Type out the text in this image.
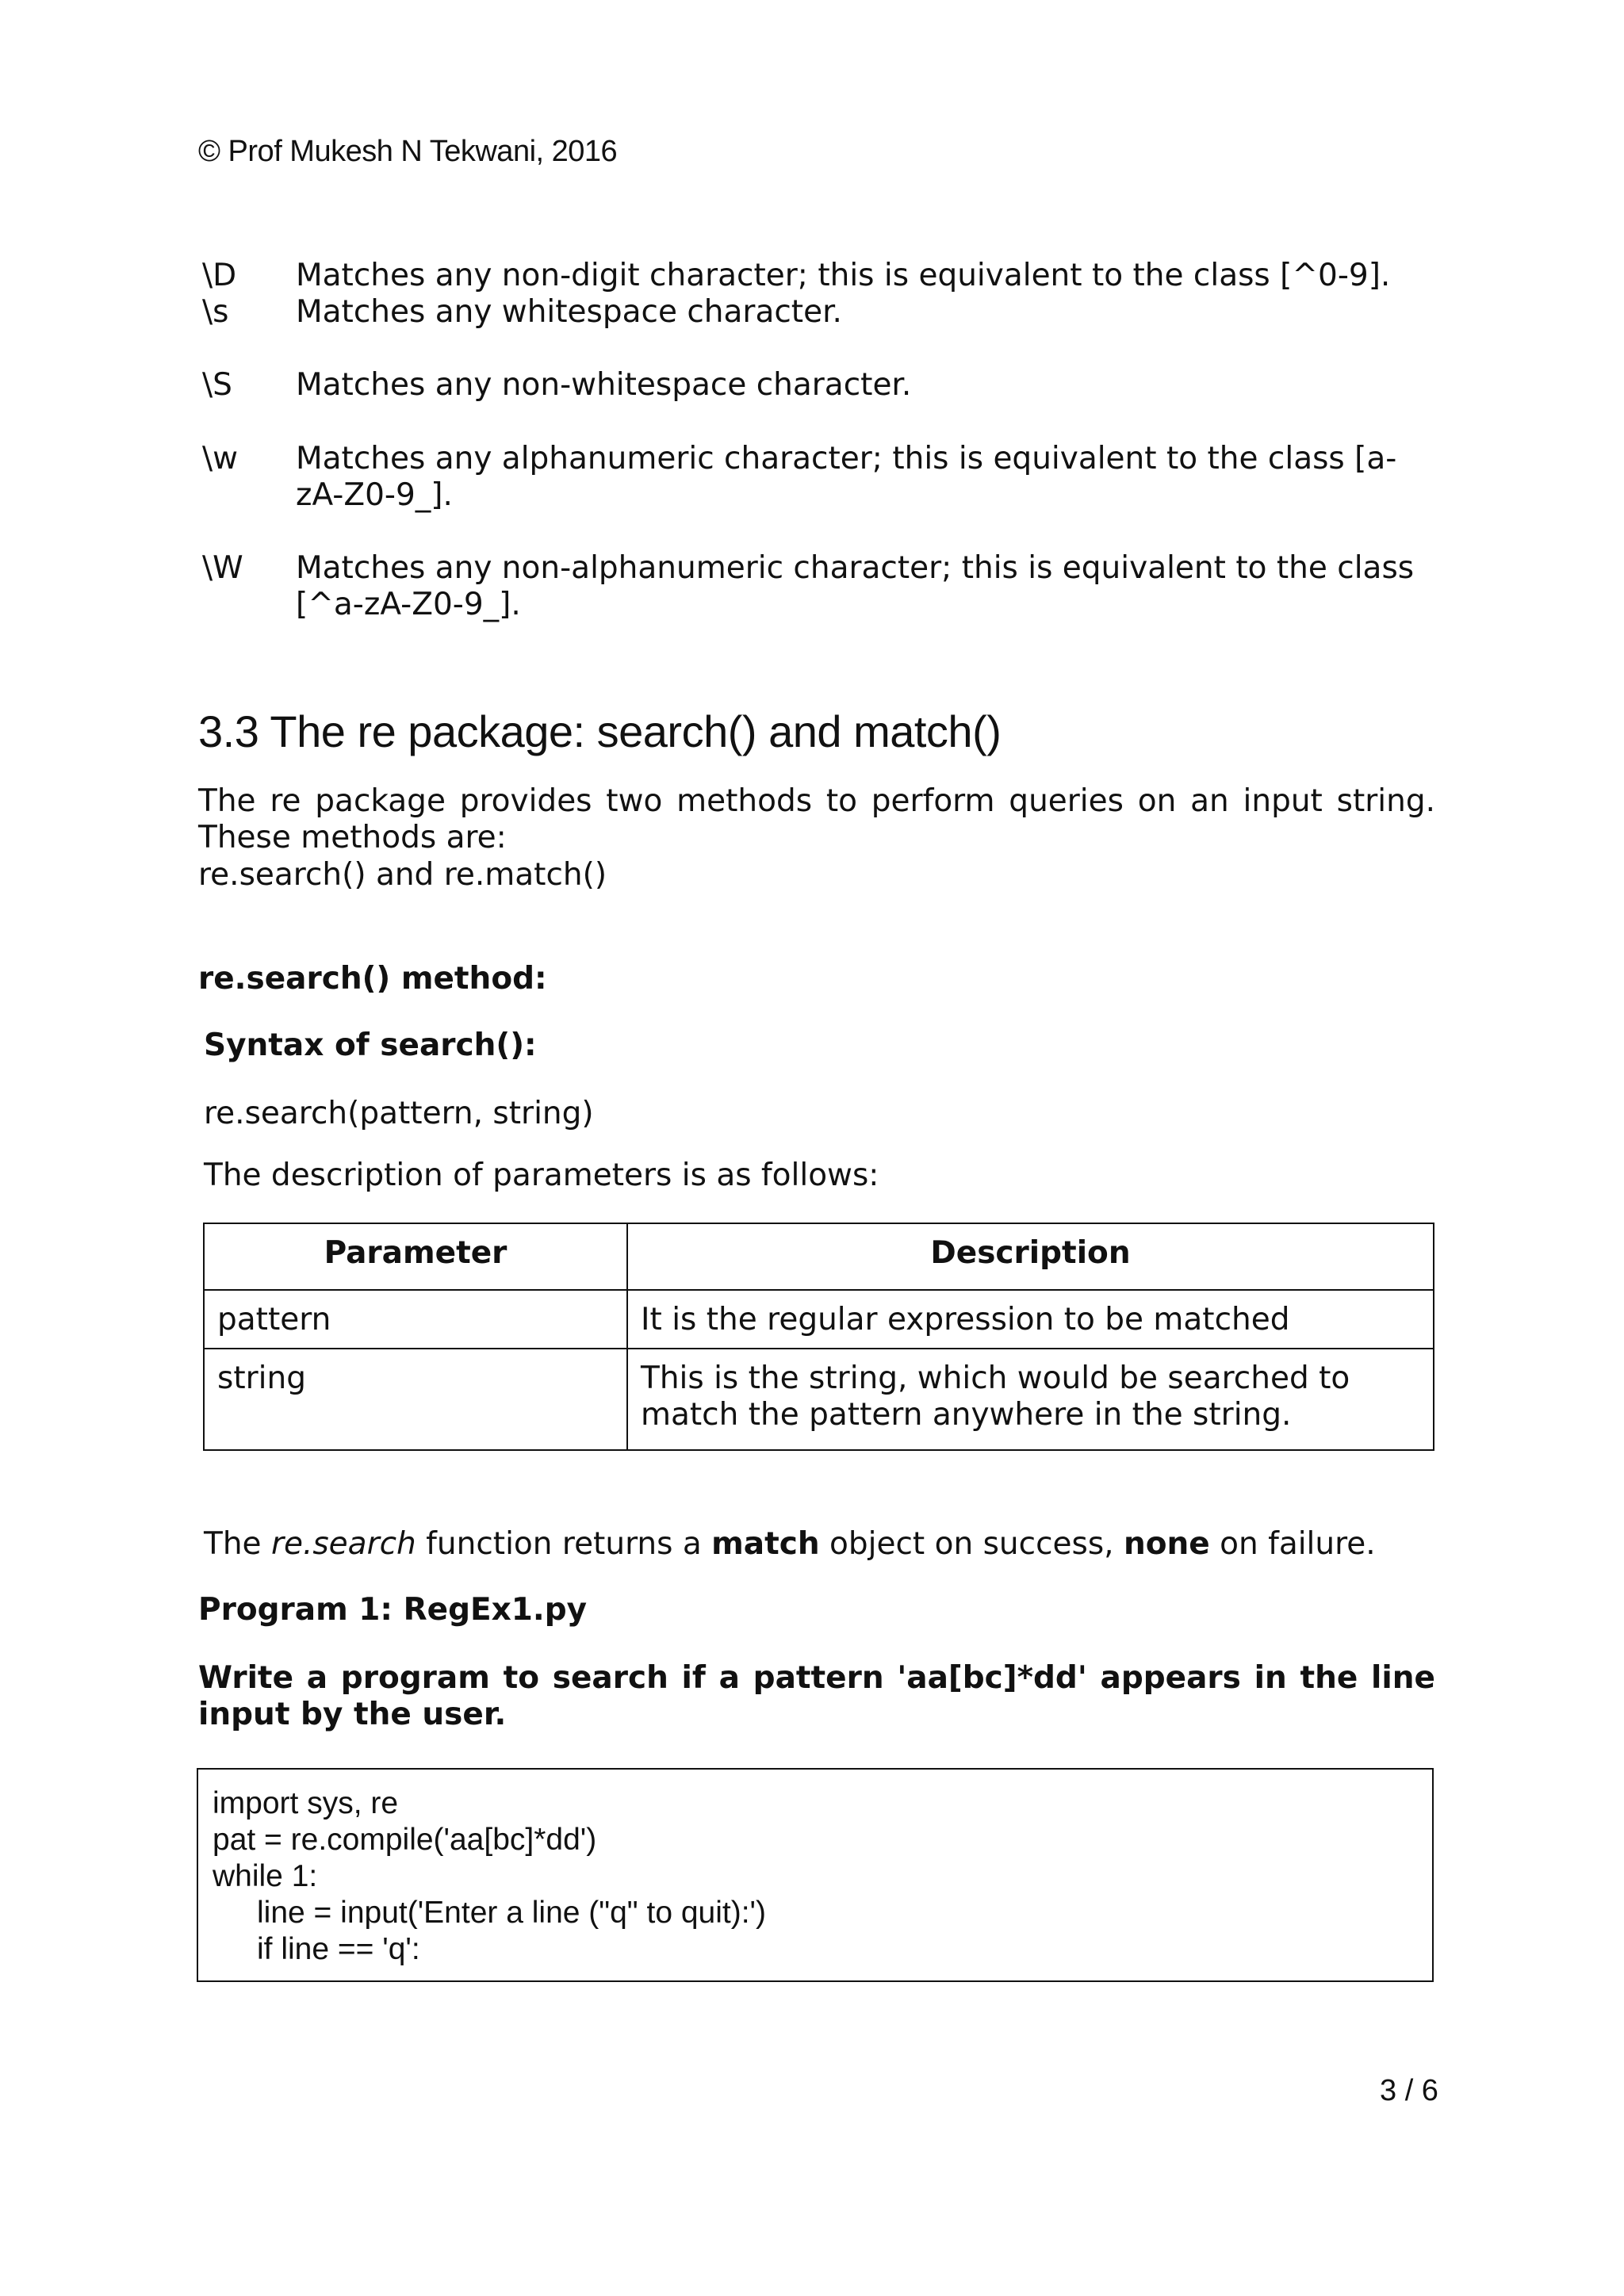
© Prof Mukesh N Tekwani, 2016
\D	Matches any non-digit character; this is equivalent to the class [^0-9].
\s	Matches any whitespace character.
\S	Matches any non-whitespace character.
\w	Matches any alphanumeric character; this is equivalent to the class [a-zA-Z0-9_].
\W	Matches any non-alphanumeric character; this is equivalent to the class [^a-zA-Z0-9_].
3.3 The re package: search() and match()
The re package provides two methods to perform queries on an input string. These methods are:
re.search() and re.match()
re.search() method:
Syntax of search():
re.search(pattern, string)
The description of parameters is as follows:
Parameter	Description
pattern	It is the regular expression to be matched
string	This is the string, which would be searched to match the pattern anywhere in the string.
The re.search function returns a match object on success, none on failure.
Program 1: RegEx1.py
Write a program to search if a pattern 'aa[bc]*dd' appears in the line input by the user.
import sys, re
pat = re.compile('aa[bc]*dd')
while 1:
line = input('Enter a line ("q" to quit):')
if line == 'q':
3 / 6
